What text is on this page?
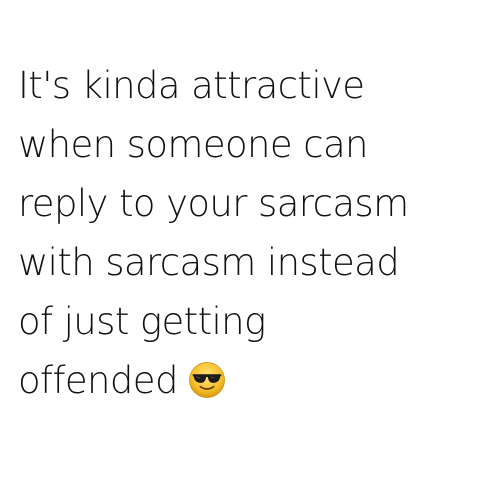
It's kinda attractive
when someone can
reply to your sarcasm
with sarcasm instead
of just getting
offended
